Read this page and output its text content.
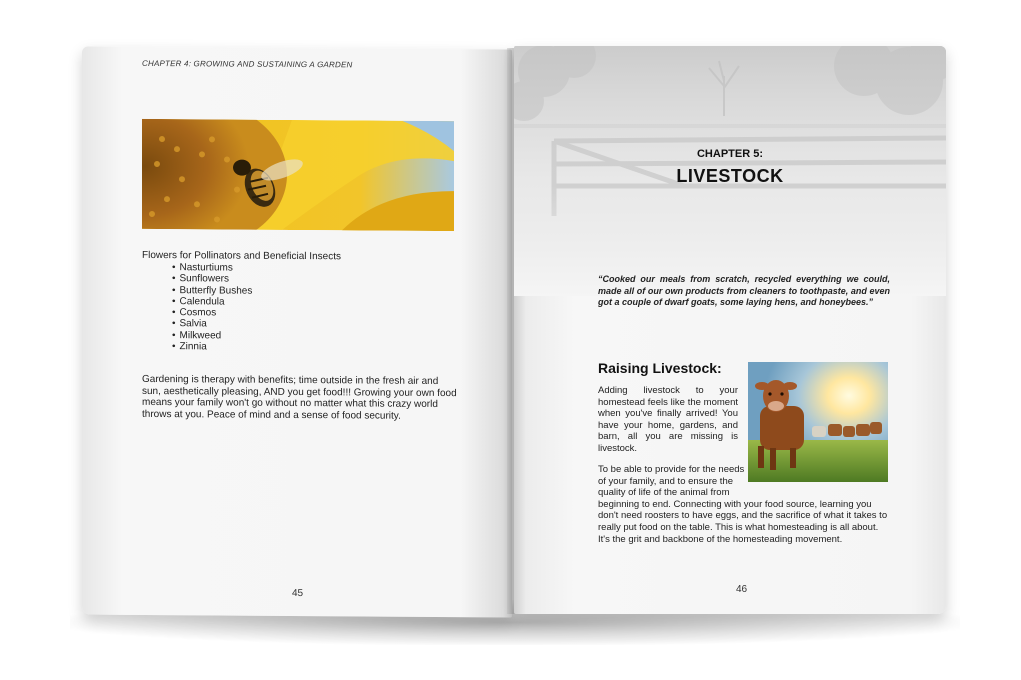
CHAPTER 4: GROWING AND SUSTAINING A GARDEN
Flowers for Pollinators and Beneficial Insects
• Nasturtiums
• Sunflowers
• Butterfly Bushes
• Calendula
• Cosmos
• Salvia
• Milkweed
• Zinnia
Gardening is therapy with benefits; time outside in the fresh air and sun, aesthetically pleasing, AND you get food!!! Growing your own food means your family won't go without no matter what this crazy world throws at you. Peace of mind and a sense of food security.
45
CHAPTER 5:
LIVESTOCK
“Cooked our meals from scratch, recycled everything we could, made all of our own products from cleaners to toothpaste, and even got a couple of dwarf goats, some laying hens, and honeybees.”
Raising Livestock:
Adding livestock to your homestead feels like the moment when you've finally arrived! You have your home, gardens, and barn, all you are missing is livestock.
To be able to provide for the needs of your family, and to ensure the quality of life of the animal from beginning to end. Connecting with your food source, learning you don't need roosters to have eggs, and the sacrifice of what it takes to really put food on the table. This is what homesteading is all about. It's the grit and backbone of the homesteading movement.
46
